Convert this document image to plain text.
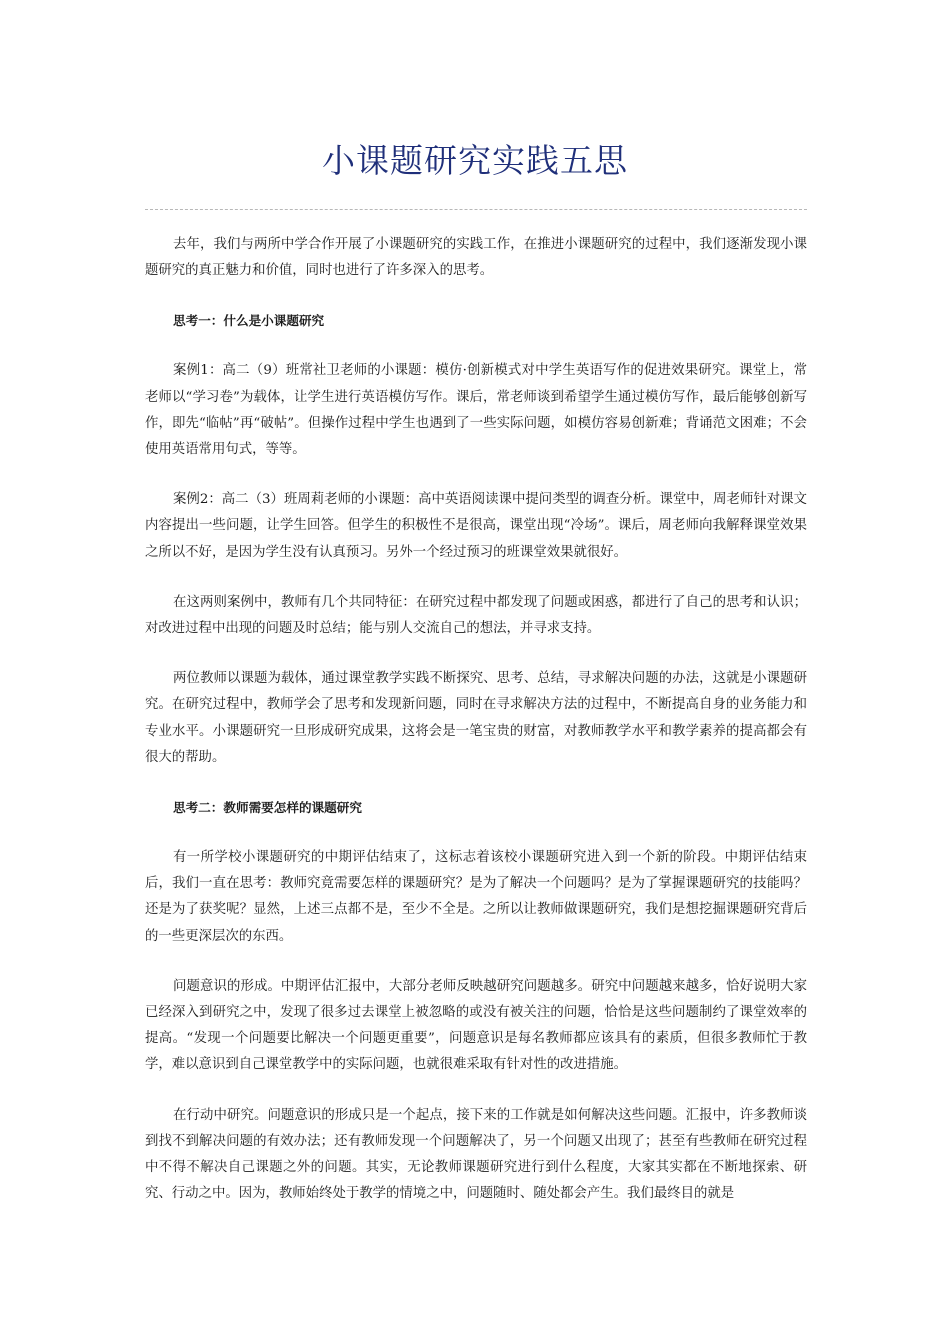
小课题研究实践五思

去年，我们与两所中学合作开展了小课题研究的实践工作，在推进小课题研究的过程中，我们逐渐发现小课题研究的真正魅力和价值，同时也进行了许多深入的思考。

思考一：什么是小课题研究

案例1：高二（9）班常社卫老师的小课题：模仿·创新模式对中学生英语写作的促进效果研究。课堂上，常老师以“学习卷”为载体，让学生进行英语模仿写作。课后，常老师谈到希望学生通过模仿写作，最后能够创新写作，即先“临帖”再“破帖”。但操作过程中学生也遇到了一些实际问题，如模仿容易创新难；背诵范文困难；不会使用英语常用句式，等等。

案例2：高二（3）班周莉老师的小课题：高中英语阅读课中提问类型的调查分析。课堂中，周老师针对课文内容提出一些问题，让学生回答。但学生的积极性不是很高，课堂出现“冷场”。课后，周老师向我解释课堂效果之所以不好，是因为学生没有认真预习。另外一个经过预习的班课堂效果就很好。

在这两则案例中，教师有几个共同特征：在研究过程中都发现了问题或困惑，都进行了自己的思考和认识；对改进过程中出现的问题及时总结；能与别人交流自己的想法，并寻求支持。

两位教师以课题为载体，通过课堂教学实践不断探究、思考、总结，寻求解决问题的办法，这就是小课题研究。在研究过程中，教师学会了思考和发现新问题，同时在寻求解决方法的过程中，不断提高自身的业务能力和专业水平。小课题研究一旦形成研究成果，这将会是一笔宝贵的财富，对教师教学水平和教学素养的提高都会有很大的帮助。

思考二：教师需要怎样的课题研究

有一所学校小课题研究的中期评估结束了，这标志着该校小课题研究进入到一个新的阶段。中期评估结束后，我们一直在思考：教师究竟需要怎样的课题研究？是为了解决一个问题吗？是为了掌握课题研究的技能吗？还是为了获奖呢？显然，上述三点都不是，至少不全是。之所以让教师做课题研究，我们是想挖掘课题研究背后的一些更深层次的东西。

问题意识的形成。中期评估汇报中，大部分老师反映越研究问题越多。研究中问题越来越多，恰好说明大家已经深入到研究之中，发现了很多过去课堂上被忽略的或没有被关注的问题，恰恰是这些问题制约了课堂效率的提高。“发现一个问题要比解决一个问题更重要”，问题意识是每名教师都应该具有的素质，但很多教师忙于教学，难以意识到自己课堂教学中的实际问题，也就很难采取有针对性的改进措施。

在行动中研究。问题意识的形成只是一个起点，接下来的工作就是如何解决这些问题。汇报中，许多教师谈到找不到解决问题的有效办法；还有教师发现一个问题解决了，另一个问题又出现了；甚至有些教师在研究过程中不得不解决自己课题之外的问题。其实，无论教师课题研究进行到什么程度，大家其实都在不断地探索、研究、行动之中。因为，教师始终处于教学的情境之中，问题随时、随处都会产生。我们最终目的就是
